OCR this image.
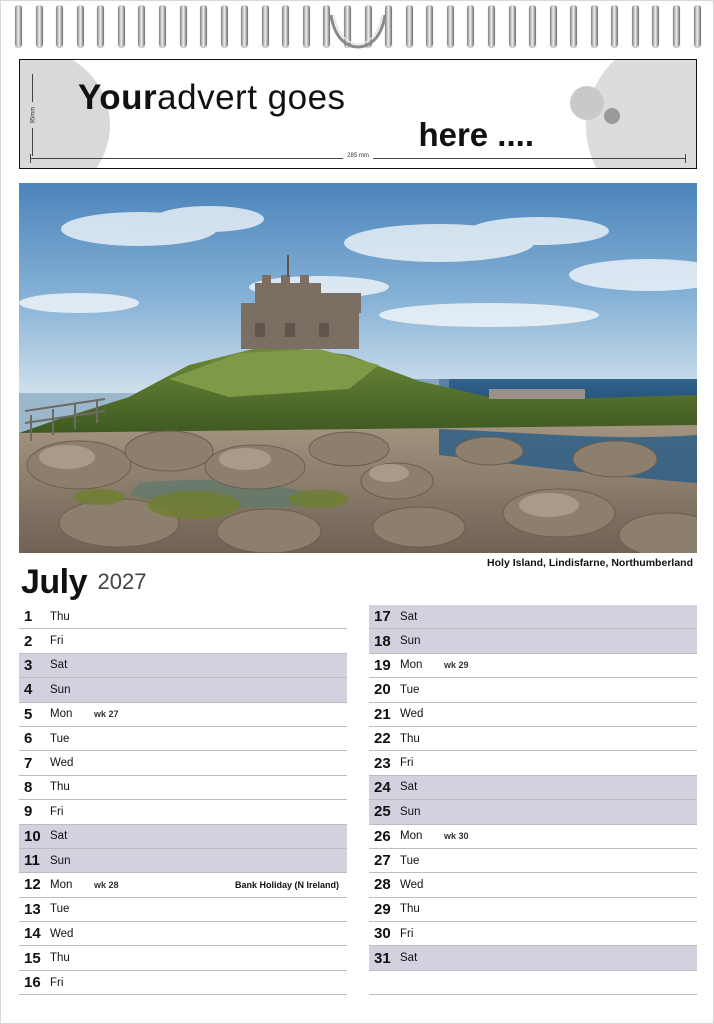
Youradvert goes
here ....
95mm
285 mm
Holy Island, Lindisfarne, Northumberland
July 2027
1	Thu
2	Fri
3	Sat
4	Sun
5	Mon	wk 27
6	Tue
7	Wed
8	Thu
9	Fri
10 Sat
11 Sun
12 Mon	wk 28	Bank Holiday (N Ireland)
13 Tue
14 Wed
15 Thu
16 Fri
17 Sat
18 Sun
19 Mon	wk 29
20 Tue
21 Wed
22 Thu
23 Fri
24 Sat
25 Sun
26 Mon	wk 30
27 Tue
28 Wed
29 Thu
30 Fri
31 Sat
